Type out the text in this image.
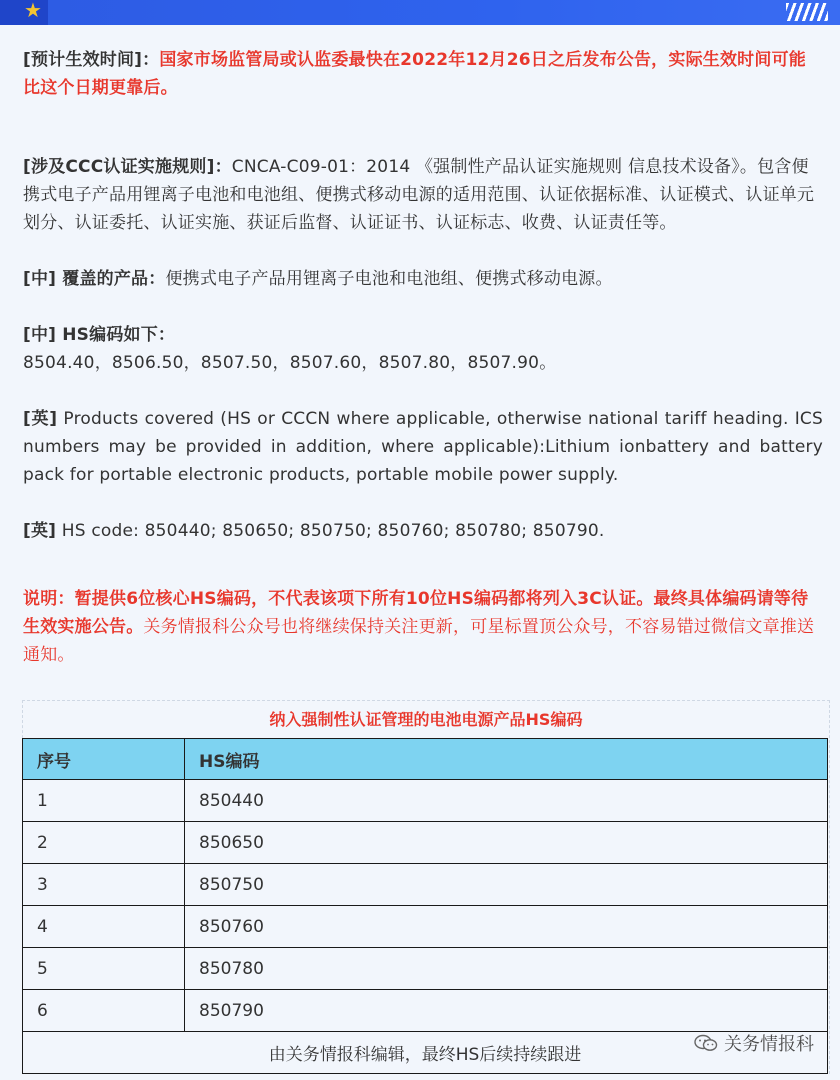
★

[预计生效时间]：国家市场监管局或认监委最快在2022年12月26日之后发布公告，实际生效时间可能比这个日期更靠后。

[涉及CCC认证实施规则]：CNCA-C09-01：2014 《强制性产品认证实施规则 信息技术设备》。包含便携式电子产品用锂离子电池和电池组、便携式移动电源的适用范围、认证依据标准、认证模式、认证单元划分、认证委托、认证实施、获证后监督、认证证书、认证标志、收费、认证责任等。

[中] 覆盖的产品：便携式电子产品用锂离子电池和电池组、便携式移动电源。

[中] HS编码如下：
8504.40，8506.50，8507.50，8507.60，8507.80，8507.90。

[英] Products covered (HS or CCCN where applicable, otherwise national tariff heading. ICS numbers may be provided in addition, where applicable):Lithium ionbattery and battery pack for portable electronic products, portable mobile power supply.

[英] HS code: 850440; 850650; 850750; 850760; 850780; 850790.

说明：暂提供6位核心HS编码，不代表该项下所有10位HS编码都将列入3C认证。最终具体编码请等待生效实施公告。关务情报科公众号也将继续保持关注更新，可星标置顶公众号，不容易错过微信文章推送通知。

纳入强制性认证管理的电池电源产品HS编码
序号	HS编码
1	850440
2	850650
3	850750
4	850760
5	850780
6	850790
由关务情报科编辑，最终HS后续持续跟进		关务情报科
